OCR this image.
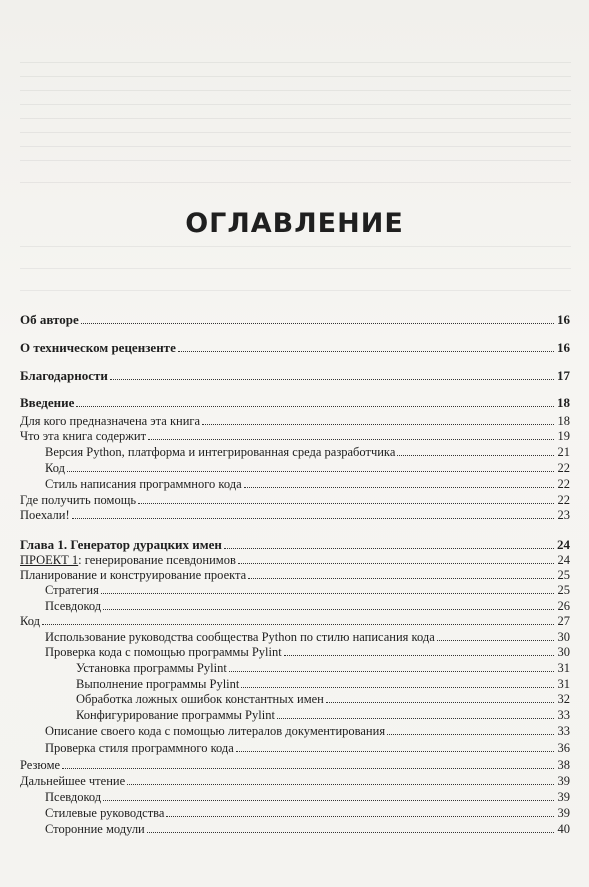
ОГЛАВЛЕНИЕ
Об авторе	16
О техническом рецензенте	16
Благодарности	17
Введение	18
Для кого предназначена эта книга	18
Что эта книга содержит	19
Версия Python, платформа и интегрированная среда разработчика	21
Код	22
Стиль написания программного кода	22
Где получить помощь	22
Поехали!	23
Глава 1. Генератор дурацких имен	24
ПРОЕКТ 1: генерирование псевдонимов	24
Планирование и конструирование проекта	25
Стратегия	25
Псевдокод	26
Код	27
Использование руководства сообщества Python по стилю написания кода	30
Проверка кода с помощью программы Pylint	30
Установка программы Pylint	31
Выполнение программы Pylint	31
Обработка ложных ошибок константных имен	32
Конфигурирование программы Pylint	33
Описание своего кода с помощью литералов документирования	33
Проверка стиля программного кода	36
Резюме	38
Дальнейшее чтение	39
Псевдокод	39
Стилевые руководства	39
Сторонние модули	40
